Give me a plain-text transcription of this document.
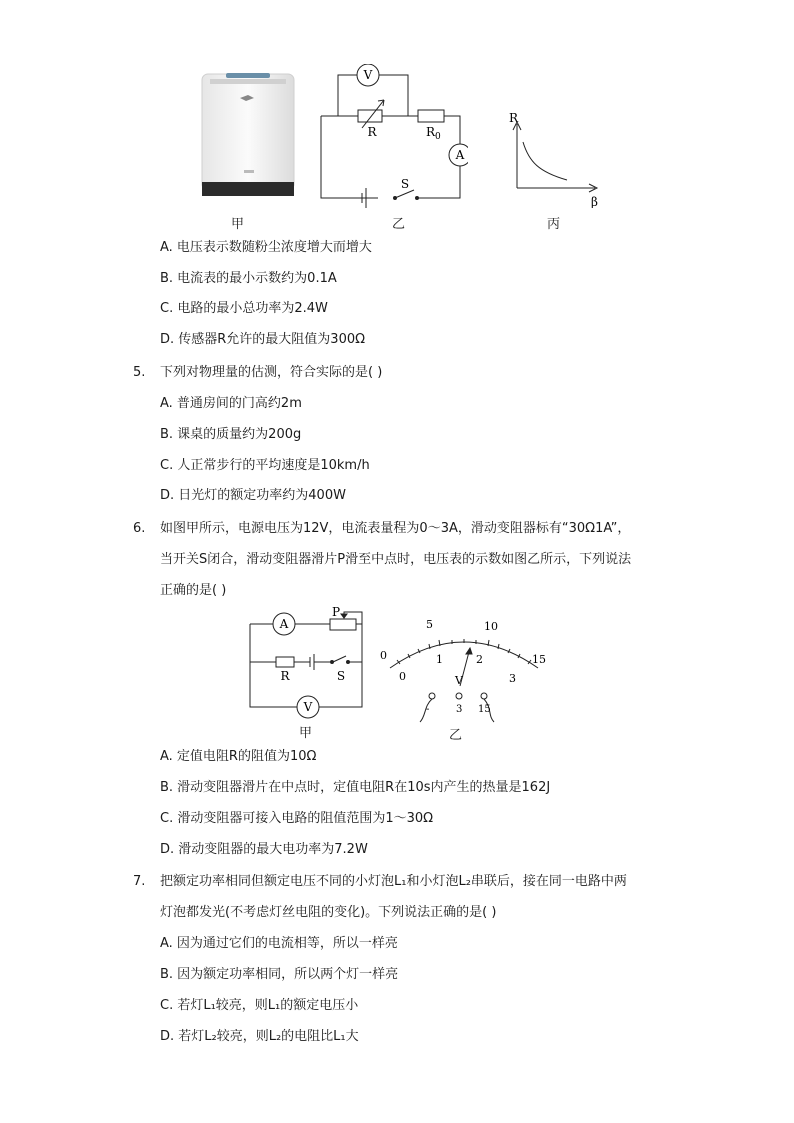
V
A
R	$R_0$
S
R
β
甲	乙	丙
A. 电压表示数随粉尘浓度增大而增大
B. 电流表的最小示数约为0.1A
C. 电路的最小总功率为2.4W
D. 传感器R允许的最大阻值为300Ω
5. 下列对物理量的估测，符合实际的是( )
A. 普通房间的门高约2m
B. 课桌的质量约为200g
C. 人正常步行的平均速度是10km/h
D. 日光灯的额定功率约为400W
6. 如图甲所示，电源电压为12V，电流表量程为0～3A，滑动变阻器标有“30Ω1A”，
当开关S闭合，滑动变阻器滑片P滑至中点时，电压表的示数如图乙所示，下列说法
正确的是( )
A
P
R	S
V
0
5	10
15
0
1	2
3
V
-	3 15
甲	乙
A. 定值电阻R的阻值为10Ω
B. 滑动变阻器滑片在中点时，定值电阻R在10s内产生的热量是162J
C. 滑动变阻器可接入电路的阻值范围为1～30Ω
D. 滑动变阻器的最大电功率为7.2W
7. 把额定功率相同但额定电压不同的小灯泡L₁和小灯泡L₂串联后，接在同一电路中两
灯泡都发光(不考虑灯丝电阻的变化)。下列说法正确的是( )
A. 因为通过它们的电流相等，所以一样亮
B. 因为额定功率相同，所以两个灯一样亮
C. 若灯L₁较亮，则L₁的额定电压小
D. 若灯L₂较亮，则L₂的电阻比L₁大
